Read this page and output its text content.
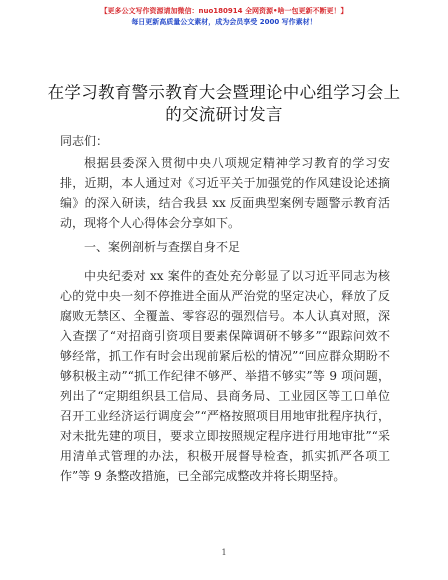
【更多公文写作资源请加微信：nuo180914 全网资源•啥一包更新不断更！】
每日更新高质量公文素材，成为会员享受 2000 写作素材！
在学习教育警示教育大会暨理论中心组学习会上的交流研讨发言
同志们：
根据县委深入贯彻中央八项规定精神学习教育的学习安排，近期，本人通过对《习近平关于加强党的作风建设论述摘编》的深入研读，结合我县 xx 反面典型案例专题警示教育活动，现将个人心得体会分享如下。
一、案例剖析与查摆自身不足
中央纪委对 xx 案件的查处充分彰显了以习近平同志为核心的党中央一刻不停推进全面从严治党的坚定决心，释放了反腐败无禁区、全覆盖、零容忍的强烈信号。本人认真对照，深入查摆了“对招商引资项目要素保障调研不够多”“跟踪问效不够经常，抓工作有时会出现前紧后松的情况”“回应群众期盼不够积极主动”“抓工作纪律不够严、举措不够实”等 9 项问题，列出了“定期组织县工信局、县商务局、工业园区等工口单位召开工业经济运行调度会”“严格按照项目用地审批程序执行，对未批先建的项目，要求立即按照规定程序进行用地审批”“采用清单式管理的办法，积极开展督导检查，抓实抓严各项工作”等 9 条整改措施，已全部完成整改并将长期坚持。
1
